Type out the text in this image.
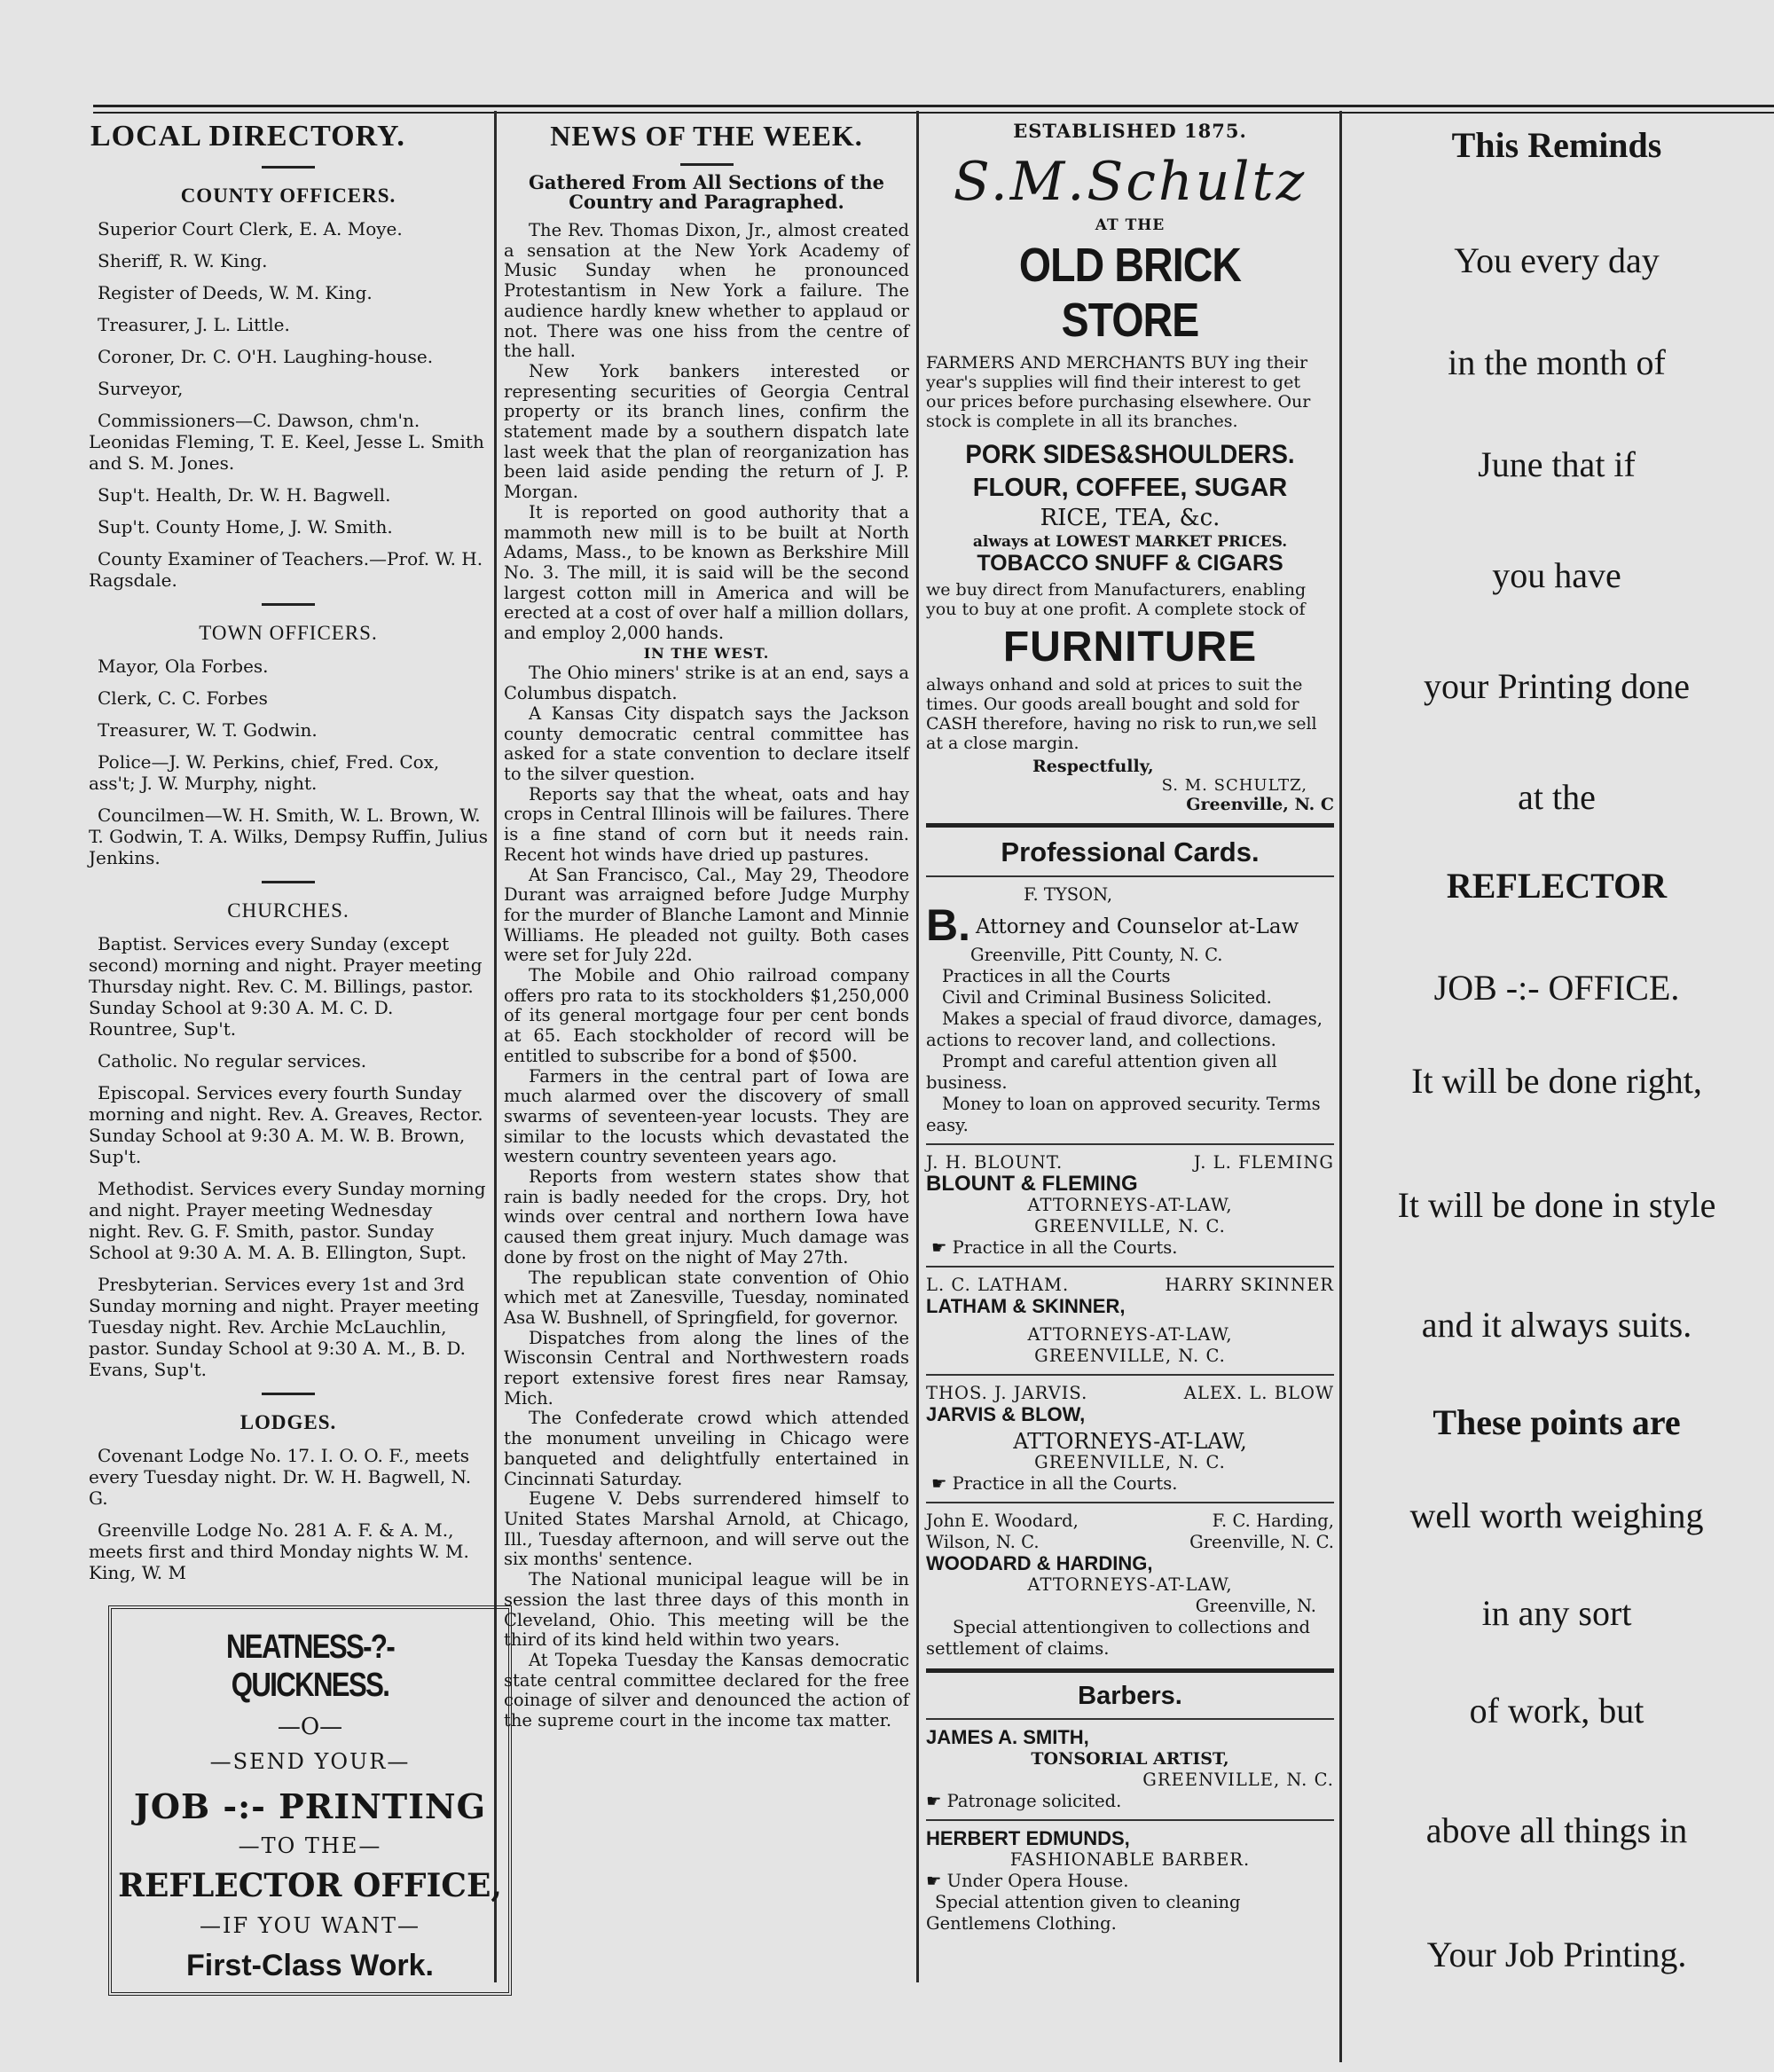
LOCAL DIRECTORY.
COUNTY OFFICERS.

Superior Court Clerk, E. A. Moye.

Sheriff, R. W. King.

Register of Deeds, W. M. King.

Treasurer, J. L. Little.

Coroner, Dr. C. O'H. Laughing-house.

Surveyor,

Commissioners—C. Dawson, chm'n. Leonidas Fleming, T. E. Keel, Jesse L. Smith and S. M. Jones.

Sup't. Health, Dr. W. H. Bagwell.

Sup't. County Home, J. W. Smith.

County Examiner of Teachers.—Prof. W. H. Ragsdale.

TOWN OFFICERS.

Mayor, Ola Forbes.

Clerk, C. C. Forbes

Treasurer, W. T. Godwin.

Police—J. W. Perkins, chief, Fred. Cox, ass't; J. W. Murphy, night.

Councilmen—W. H. Smith, W. L. Brown, W. T. Godwin, T. A. Wilks, Dempsy Ruffin, Julius Jenkins.

CHURCHES.

Baptist. Services every Sunday (except second) morning and night. Prayer meeting Thursday night. Rev. C. M. Billings, pastor. Sunday School at 9:30 A. M. C. D. Rountree, Sup't.

Catholic. No regular services.

Episcopal. Services every fourth Sunday morning and night. Rev. A. Greaves, Rector. Sunday School at 9:30 A. M. W. B. Brown, Sup't.

Methodist. Services every Sunday morning and night. Prayer meeting Wednesday night. Rev. G. F. Smith, pastor. Sunday School at 9:30 A. M. A. B. Ellington, Supt.

Presbyterian. Services every 1st and 3rd Sunday morning and night. Prayer meeting Tuesday night. Rev. Archie McLauchlin, pastor. Sunday School at 9:30 A. M., B. D. Evans, Sup't.

LODGES.

Covenant Lodge No. 17. I. O. O. F., meets every Tuesday night. Dr. W. H. Bagwell, N. G.

Greenville Lodge No. 281 A. F. & A. M., meets first and third Monday nights W. M. King, W. M

NEATNESS-?-QUICKNESS.
—O—
—SEND YOUR—
JOB -:- PRINTING
—TO THE—
REFLECTOR OFFICE,
—IF YOU WANT—
First-Class Work.
NEWS OF THE WEEK.

Gathered From All Sections of the Country and Paragraphed.

The Rev. Thomas Dixon, Jr., almost created a sensation at the New York Academy of Music Sunday when he pronounced Protestantism in New York a failure. The audience hardly knew whether to applaud or not. There was one hiss from the centre of the hall.

New York bankers interested or representing securities of Georgia Central property or its branch lines, confirm the statement made by a southern dispatch late last week that the plan of reorganization has been laid aside pending the return of J. P. Morgan.

It is reported on good authority that a mammoth new mill is to be built at North Adams, Mass., to be known as Berkshire Mill No. 3. The mill, it is said will be the second largest cotton mill in America and will be erected at a cost of over half a million dollars, and employ 2,000 hands.

IN THE WEST.

The Ohio miners' strike is at an end, says a Columbus dispatch.

A Kansas City dispatch says the Jackson county democratic central committee has asked for a state convention to declare itself to the silver question.

Reports say that the wheat, oats and hay crops in Central Illinois will be failures. There is a fine stand of corn but it needs rain. Recent hot winds have dried up pastures.

At San Francisco, Cal., May 29, Theodore Durant was arraigned before Judge Murphy for the murder of Blanche Lamont and Minnie Williams. He pleaded not guilty. Both cases were set for July 22d.

The Mobile and Ohio railroad company offers pro rata to its stockholders $1,250,000 of its general mortgage four per cent bonds at 65. Each stockholder of record will be entitled to subscribe for a bond of $500.

Farmers in the central part of Iowa are much alarmed over the discovery of small swarms of seventeen-year locusts. They are similar to the locusts which devastated the western country seventeen years ago.

Reports from western states show that rain is badly needed for the crops. Dry, hot winds over central and northern Iowa have caused them great injury. Much damage was done by frost on the night of May 27th.

The republican state convention of Ohio which met at Zanesville, Tuesday, nominated Asa W. Bushnell, of Springfield, for governor.

Dispatches from along the lines of the Wisconsin Central and Northwestern roads report extensive forest fires near Ramsay, Mich.

The Confederate crowd which attended the monument unveiling in Chicago were banqueted and delightfully entertained in Cincinnati Saturday.

Eugene V. Debs surrendered himself to United States Marshal Arnold, at Chicago, Ill., Tuesday afternoon, and will serve out the six months' sentence.

The National municipal league will be in session the last three days of this month in Cleveland, Ohio. This meeting will be the third of its kind held within two years.

At Topeka Tuesday the Kansas democratic state central committee declared for the free coinage of silver and denounced the action of the supreme court in the income tax matter.

ESTABLISHED 1875.
S.M.Schultz
AT THE
OLD BRICK STORE

FARMERS AND MERCHANTS BUY ing their year's supplies will find their interest to get our prices before purchasing elsewhere. Our stock is complete in all its branches.

PORK SIDES&SHOULDERS.
FLOUR, COFFEE, SUGAR
RICE, TEA, &c.
always at LOWEST MARKET PRICES.
TOBACCO SNUFF & CIGARS

we buy direct from Manufacturers, enabling you to buy at one profit. A complete stock of

FURNITURE

always onhand and sold at prices to suit the times. Our goods areall bought and sold for CASH therefore, having no risk to run,we sell at a close margin.

Respectfully,
S. M. SCHULTZ,
Greenville, N. C
Professional Cards.

F. TYSON,

B. Attorney and Counselor at-Law

Greenville, Pitt County, N. C.

Practices in all the Courts

Civil and Criminal Business Solicited.

Makes a special of fraud divorce, damages, actions to recover land, and collections.

Prompt and careful attention given all business.

Money to loan on approved security. Terms easy.

J. H. BLOUNT.	J. L. FLEMING

BLOUNT & FLEMING

ATTORNEYS-AT-LAW,

GREENVILLE, N. C.

☛ Practice in all the Courts.

L. C. LATHAM.	HARRY SKINNER

LATHAM & SKINNER,

ATTORNEYS-AT-LAW,

GREENVILLE, N. C.

THOS. J. JARVIS.	ALEX. L. BLOW

JARVIS & BLOW,

ATTORNEYS-AT-LAW,

GREENVILLE, N. C.

☛ Practice in all the Courts.

John E. Woodard,	F. C. Harding,

Wilson, N. C.	Greenville, N. C.

WOODARD & HARDING,

ATTORNEYS-AT-LAW,

Greenville, N.

Special attentiongiven to collections and settlement of claims.

Barbers.

JAMES A. SMITH,

TONSORIAL ARTIST,

GREENVILLE, N. C.

☛ Patronage solicited.

HERBERT EDMUNDS,

FASHIONABLE BARBER.

☛ Under Opera House.

Special attention given to cleaning Gentlemens Clothing.

This Reminds
You every day
in the month of
June that if
you have
your Printing done
at the
REFLECTOR
JOB -:- OFFICE.
It will be done right,
It will be done in style
and it always suits.
These points are
well worth weighing
in any sort
of work, but
above all things in
Your Job Printing.
